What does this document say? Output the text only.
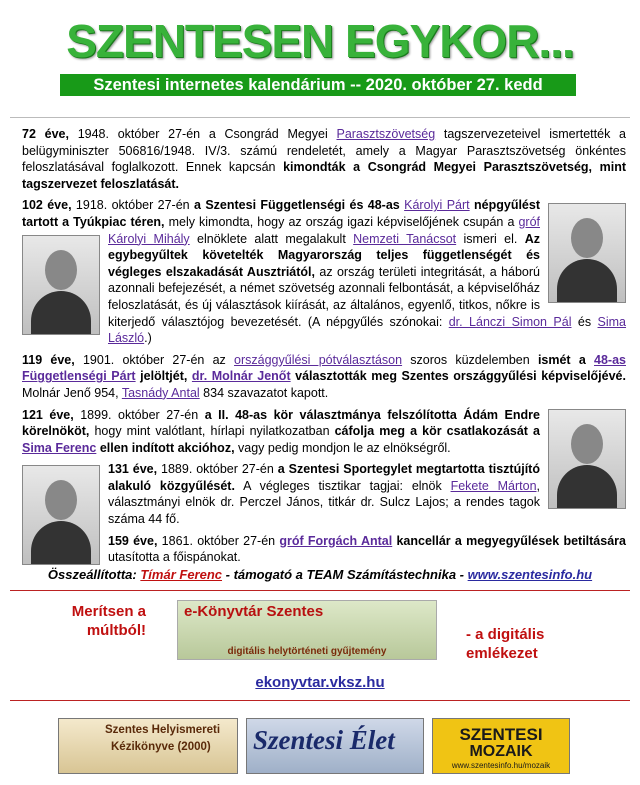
SZENTESEN EGYKOR...
Szentesi internetes kalendárium -- 2020. október 27. kedd

72 éve, 1948. október 27-én a Csongrád Megyei Parasztszövetség tagszervezeteivel ismertették a belügyminiszter 506816/1948. IV/3. számú rendeletét, amely a Magyar Parasztszövetség önkéntes feloszlatásával foglalkozott. Ennek kapcsán kimondták a Csongrád Megyei Parasztszövetség, mint tagszervezet feloszlatását.

102 éve, 1918. október 27-én a Szentesi Függetlenségi és 48-as Károlyi Párt népgyűlést tartott a Tyúkpiac téren, mely kimondta, hogy az ország igazi képviselőjének csupán a gróf Károlyi Mihály elnöklete alatt megalakult Nemzeti Tanácsot
ismeri el. Az egybegyűltek követelték Magyarország teljes függetlenségét és végleges elszakadását Ausztriától, az ország területi integritását, a háború azonnali befejezését, a német szövetség azonnali felbontását, a képviselőház feloszlatását, és új választások kiírását, az általános, egyenlő, titkos, nőkre is kiterjedő választójog bevezetését. (A népgyűlés szónokai: dr. Lánczi Simon Pál és Sima László.)

119 éve, 1901. október 27-én az országgyűlési pótválasztáson szoros küzdelemben ismét a 48-as Függetlenségi Párt jelöltjét, dr. Molnár Jenőt választották meg Szentes országgyűlési képviselőjévé. Molnár Jenő 954, Tasnády Antal 834 szavazatot kapott.

121 éve, 1899. október 27-én a II. 48-as kör választmánya felszólította Ádám Endre körelnököt, hogy mint valótlant, hírlapi nyilatkozatban cáfolja meg a kör csatlakozását a Sima Ferenc ellen indított akcióhoz, vagy pedig mondjon le az elnökségről.

131 éve, 1889. október 27-én a Szentesi Sportegylet megtartotta tisztújító alakuló közgyűlését. A végleges tisztikar tagjai: elnök Fekete Márton, választmányi elnök dr. Perczel János, titkár dr. Sulcz Lajos; a rendes tagok száma 44 fő.

159 éve, 1861. október 27-én gróf Forgách Antal kancellár a megyegyűlések betiltására utasította a főispánokat.

Összeállította: Tímár Ferenc - támogató a TEAM Számítástechnika - www.szentesinfo.hu
Merítsen a
múltból!
e-Könyvtár Szentes
digitális helytörténeti gyűjtemény
- a digitális
emlékezet
ekonyvtar.vksz.hu
Szentes Helyismereti
Kézikönyve (2000) Szentesi Élet	SZENTESI
MOZAIK
www.szentesinfo.hu/mozaik
